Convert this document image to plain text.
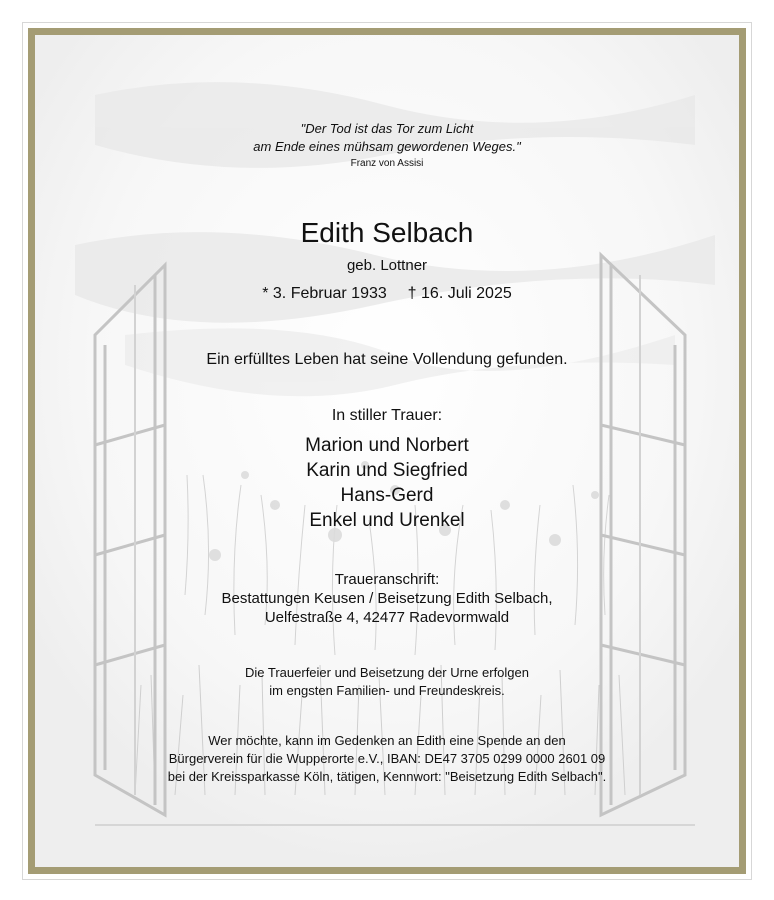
"Der Tod ist das Tor zum Licht
am Ende eines mühsam gewordenen Weges."
Franz von Assisi
Edith Selbach
geb. Lottner
* 3. Februar 1933 † 16. Juli 2025
Ein erfülltes Leben hat seine Vollendung gefunden.
In stiller Trauer:
Marion und Norbert
Karin und Siegfried
Hans-Gerd
Enkel und Urenkel
Traueranschrift:
Bestattungen Keusen / Beisetzung Edith Selbach,
Uelfestraße 4, 42477 Radevormwald
Die Trauerfeier und Beisetzung der Urne erfolgen
im engsten Familien- und Freundeskreis.
Wer möchte, kann im Gedenken an Edith eine Spende an den
Bürgerverein für die Wupperorte e.V., IBAN: DE47 3705 0299 0000 2601 09
bei der Kreissparkasse Köln, tätigen, Kennwort: "Beisetzung Edith Selbach".
